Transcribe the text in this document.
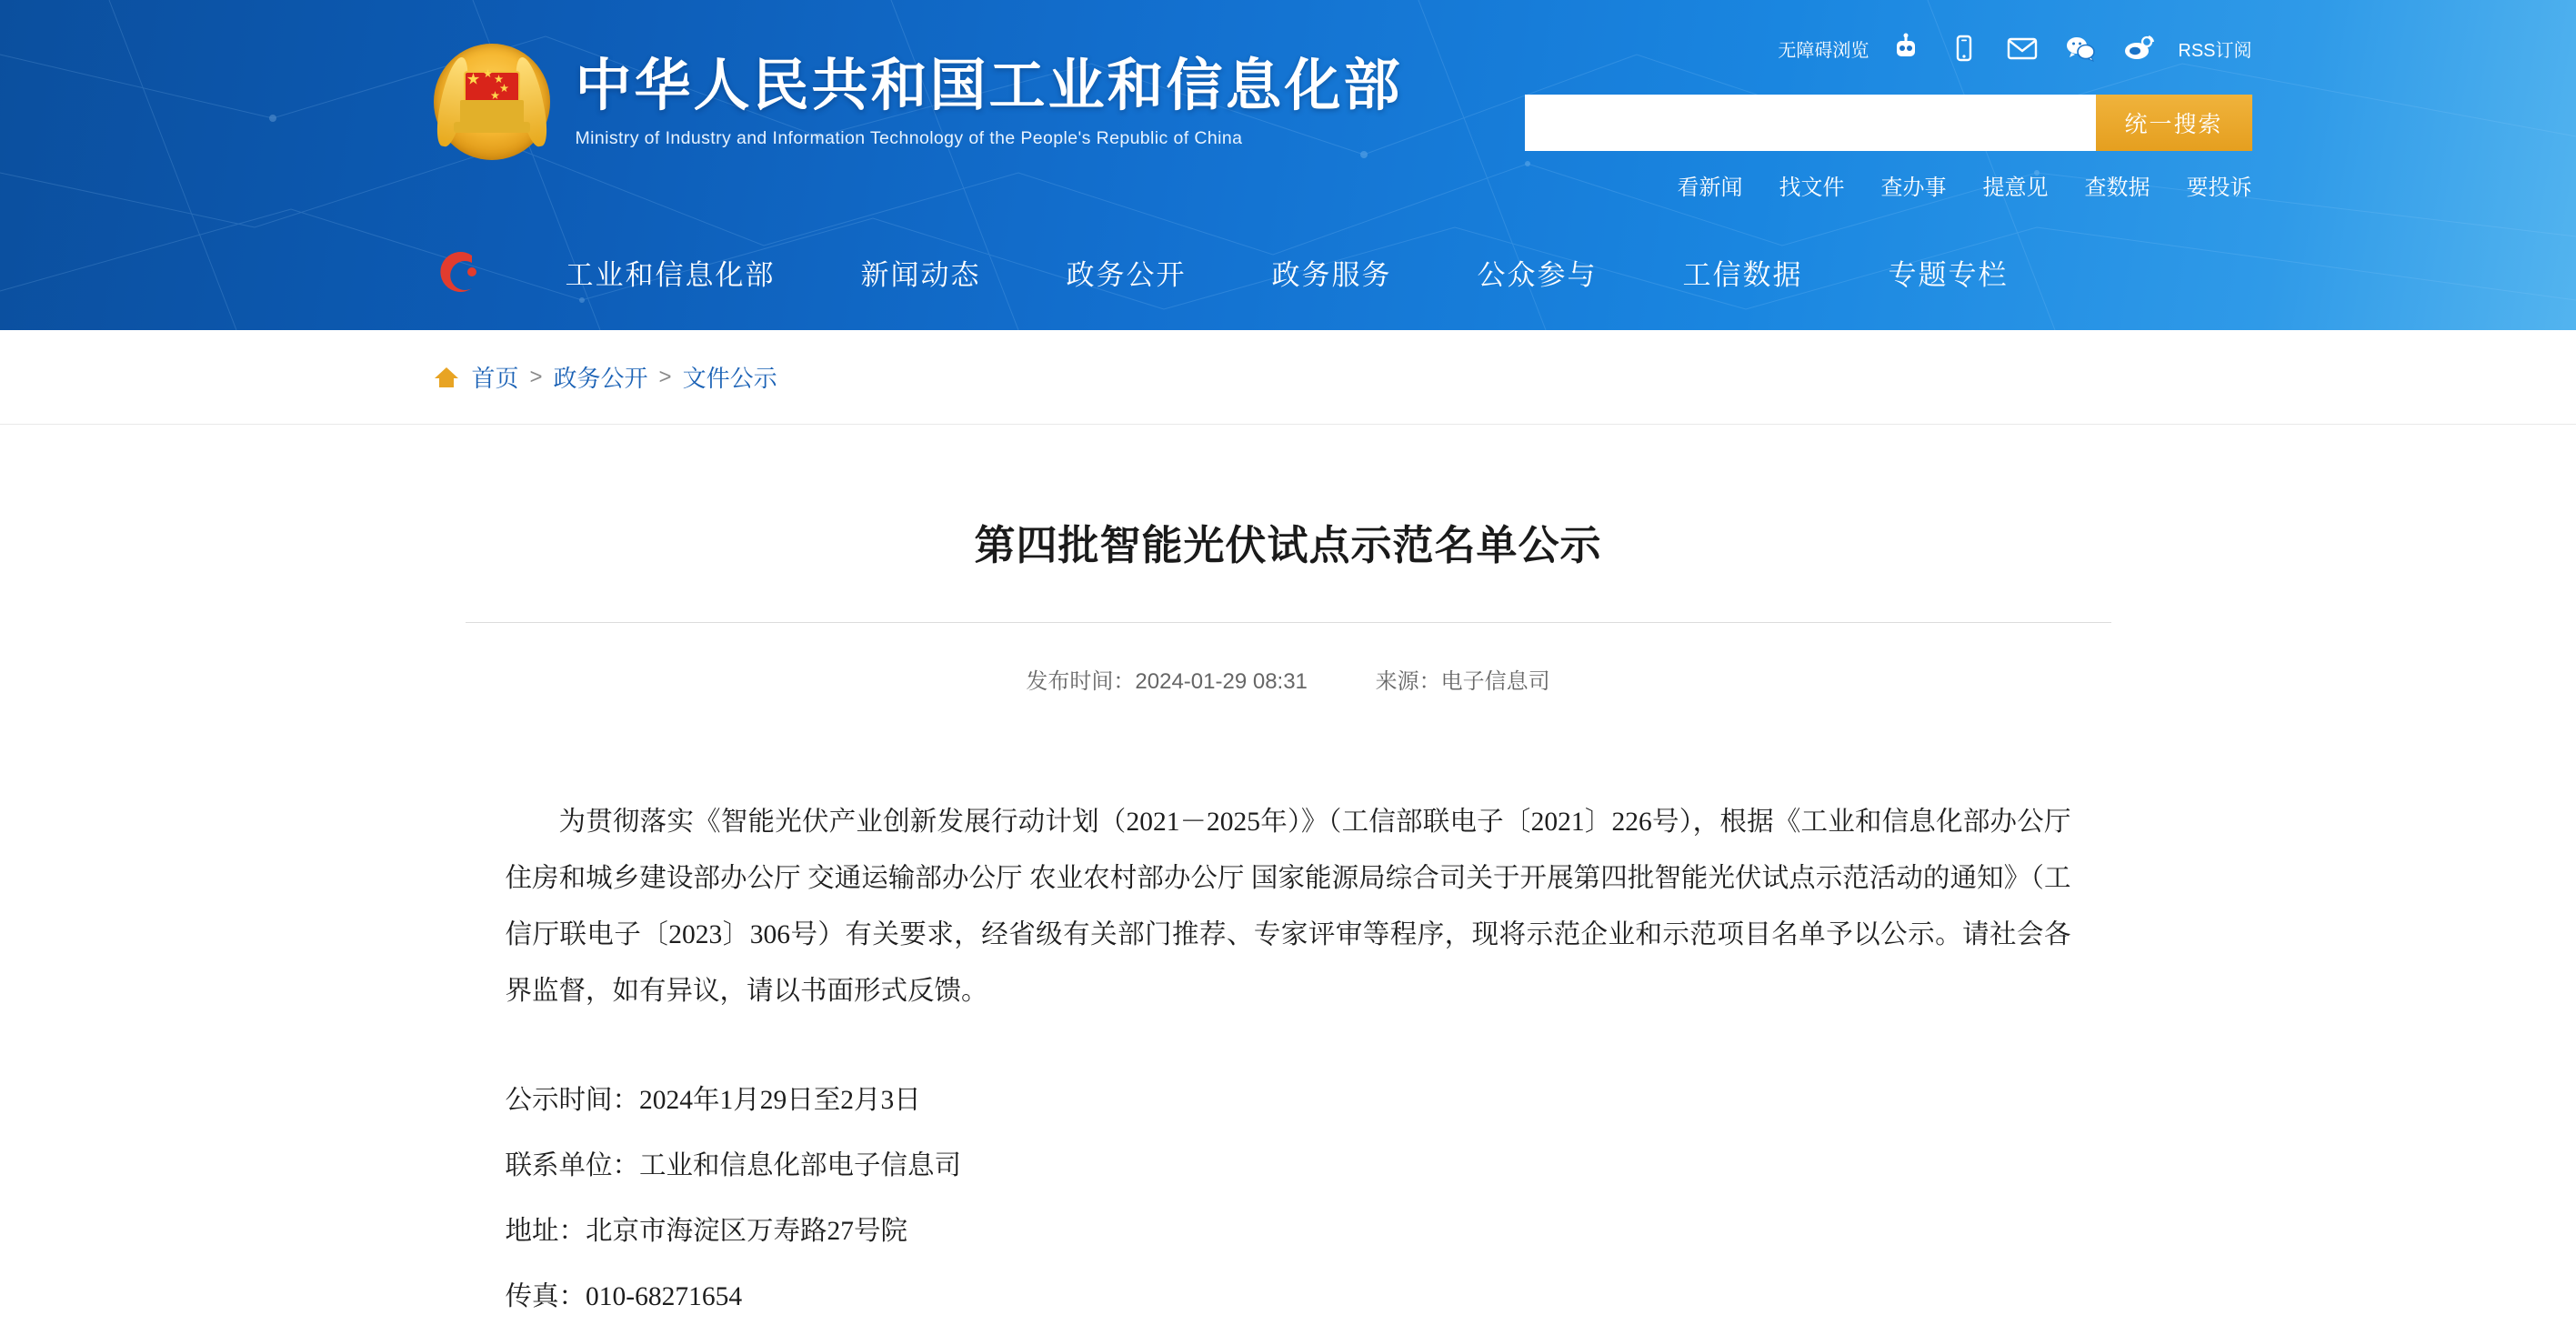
中华人民共和国工业和信息化部
Ministry of Industry and Information Technology of the People's Republic of China
无障碍浏览	RSS订阅
统一搜索
看新闻 找文件 查办事 提意见 查数据 要投诉
工业和信息化部	新闻动态	政务公开	政务服务	公众参与	工信数据	专题专栏
首页 > 政务公开 > 文件公示
第四批智能光伏试点示范名单公示
发布时间：2024-01-29 08:31	来源：电子信息司

为贯彻落实《智能光伏产业创新发展行动计划（2021－2025年）》（工信部联电子〔2021〕226号），根据《工业和信息化部办公厅 住房和城乡建设部办公厅 交通运输部办公厅 农业农村部办公厅 国家能源局综合司关于开展第四批智能光伏试点示范活动的通知》（工信厅联电子〔2023〕306号）有关要求，经省级有关部门推荐、专家评审等程序，现将示范企业和示范项目名单予以公示。请社会各界监督，如有异议，请以书面形式反馈。

公示时间：2024年1月29日至2月3日
联系单位：工业和信息化部电子信息司
地址：北京市海淀区万寿路27号院
传真：010-68271654
